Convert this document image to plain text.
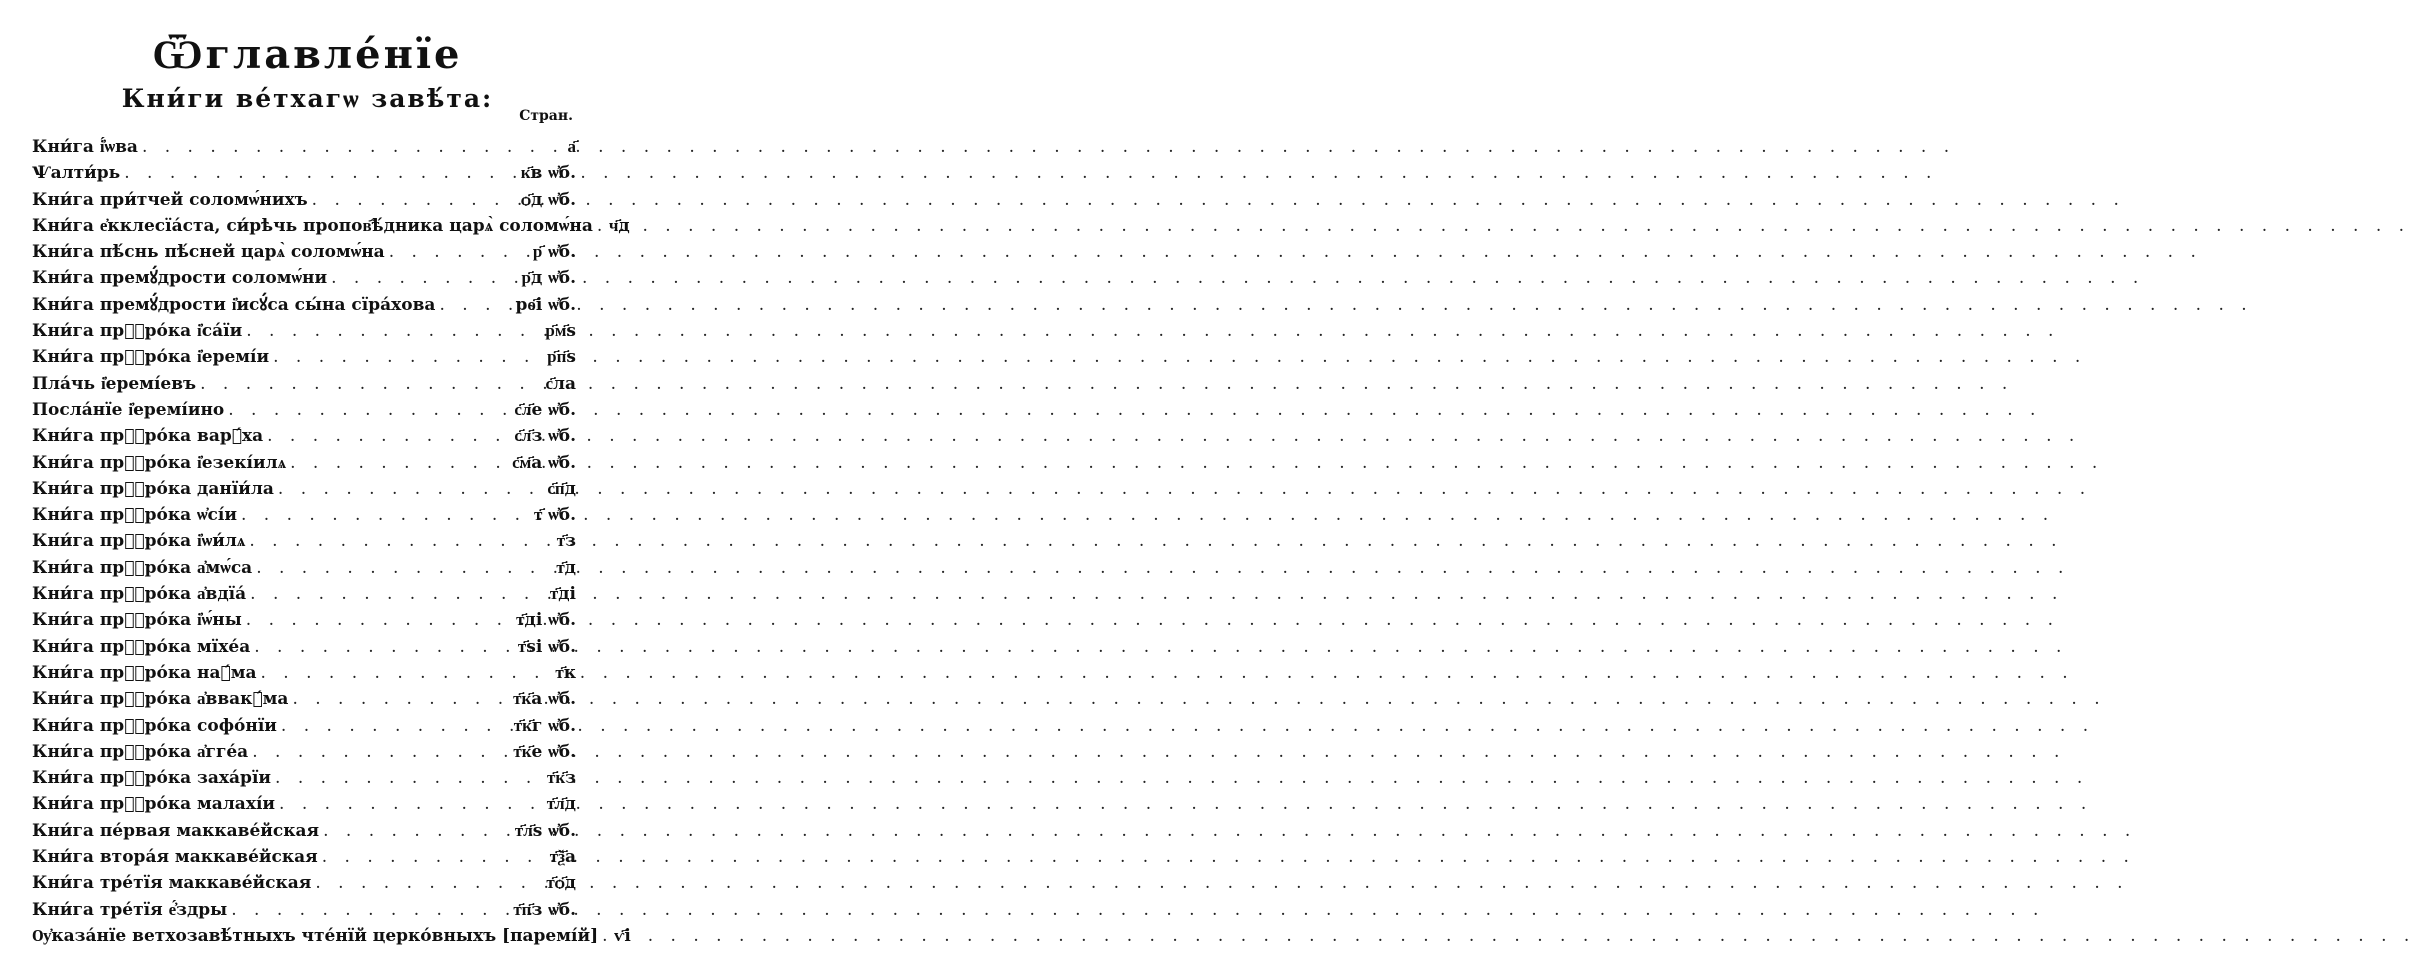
Ѿглавле́нїе
Кни́ги ве́тхагѡ завѣ́та:
Стран.
Кни́га і҆́ѡва . . .	а҃
Ѱалти́рь . . .	к҃в ѡ҆б.
Кни́га при́тчей соломѡ́нихъ . . .	ѻ҃д ѡ҆б.
Кни́га е҆кклесїа́ста, си́рѣчь пропов҄ѣ́дника царѧ̀ соломѡ́на . . . ч҃д
Кни́га пѣ́снь пѣ́сней царѧ̀ соломѡ́на . . .	р҃ ѡ҆б.
Кни́га премꙋ́дрости соломѡ́ни . . .	р҃д ѡ҆б.
Кни́га премꙋ́дрости і҆исꙋ́са сы́на сїра́хова . . .	рѳ҃і ѡ҆б.
Кни́га прⷪ҇ро́ка і҆са́їи . . .	р҃м҃ѕ
Кни́га прⷪ҇ро́ка і҆еремі́и . . .	р҃п҃ѕ
Пла́чь і҆еремі́евъ . . .	с҃ла
Посла́нїе і҆еремі́ино . . .	с҃л҃е ѡ҆б.
Кни́га прⷪ҇ро́ка варꙋ́ха . . .	с҃л҃з ѡ҆б.
Кни́га прⷪ҇ро́ка і҆езекі́илѧ . . .	с҃м҃а ѡ҆б.
Кни́га прⷪ҇ро́ка данїи́ла . . .	с҃п҃д
Кни́га прⷪ҇ро́ка ѡ҆сі́и . . .	т҃ ѡ҆б.
Кни́га прⷪ҇ро́ка і҆ѡи́лѧ . . .	т҃з
Кни́га прⷪ҇ро́ка а҆мѡ́са . . .	т҃д
Кни́га прⷪ҇ро́ка а҆вдїа́ . . .	т҃ді
Кни́га прⷪ҇ро́ка і҆ѡ́ны . . .	т҃ді ѡ҆б.
Кни́га прⷪ҇ро́ка мїхе́а . . .	т҃ѕі ѡ҆б.
Кни́га прⷪ҇ро́ка наꙋ́ма . . .	т҃к
Кни́га прⷪ҇ро́ка а҆ввакꙋ́ма . . .	т҃к҃а ѡ҆б.
Кни́га прⷪ҇ро́ка софо́нїи . . .	т҃к҃г ѡ҆б.
Кни́га прⷪ҇ро́ка а҆гге́а . . .	т҃к҃е ѡ҆б.
Кни́га прⷪ҇ро́ка заха́рїи . . .	т҃к҃з
Кни́га прⷪ҇ро́ка малахі́и . . .	т҃л҃д
Кни́га пе́рвая маккаве́йская . . .	т҃л҃ѕ ѡ҆б.
Кни́га втора́я маккаве́йская . . .	т҃ѯ҃а
Кни́га тре́тїя маккаве́йская . . .	т҃ѻ҃д
Кни́га тре́тїя е҆́здры . . .	т҃п҃з ѡ҆б.
Ѹ҆каза́нїе ветхозавѣ́тныхъ чте́нїй церко́вныхъ [паремі́й] . . . ѵ҃і
